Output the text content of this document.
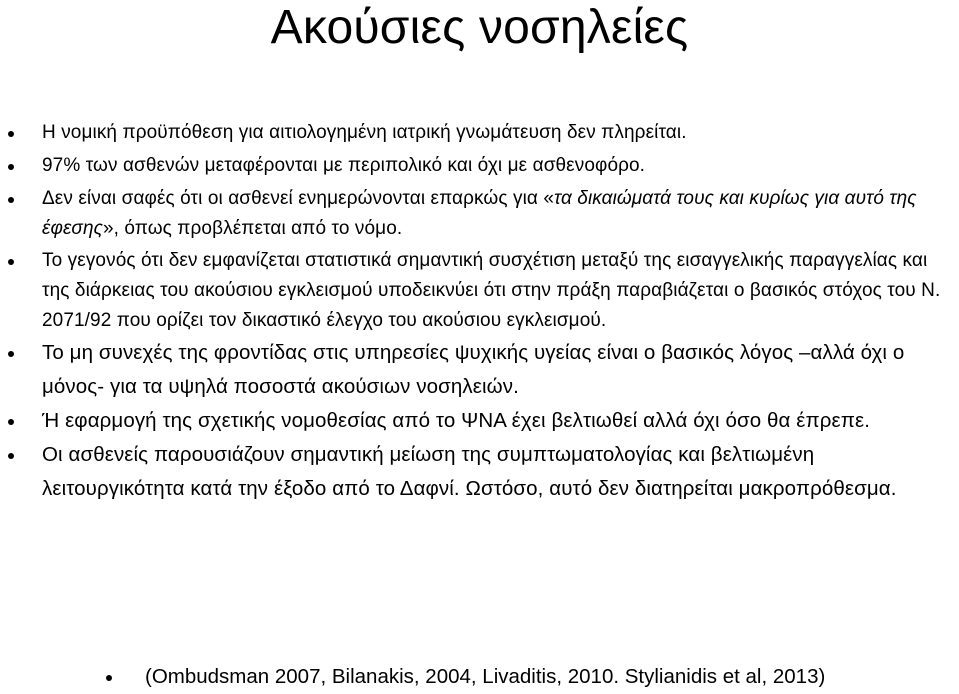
Ακούσιες νοσηλείες
Η νομική προϋπόθεση για αιτιολογημένη ιατρική γνωμάτευση δεν πληρείται.
97% των ασθενών μεταφέρονται με περιπολικό και όχι με ασθενοφόρο.
Δεν είναι σαφές ότι οι ασθενεί ενημερώνονται επαρκώς για «τα δικαιώματά τους και κυρίως για αυτό της έφεσης», όπως προβλέπεται από το νόμο.
Το γεγονός ότι δεν εμφανίζεται στατιστικά σημαντική συσχέτιση μεταξύ της εισαγγελικής παραγγελίας και της διάρκειας του ακούσιου εγκλεισμού υποδεικνύει ότι στην πράξη παραβιάζεται ο βασικός στόχος του Ν. 2071/92 που ορίζει τον δικαστικό έλεγχο του ακούσιου εγκλεισμού.
Το μη συνεχές της φροντίδας στις υπηρεσίες ψυχικής υγείας είναι ο βασικός λόγος –αλλά όχι ο μόνος- για τα υψηλά ποσοστά ακούσιων νοσηλειών.
Ή εφαρμογή της σχετικής νομοθεσίας από το ΨΝΑ έχει βελτιωθεί αλλά όχι όσο θα έπρεπε.
Οι ασθενείς παρουσιάζουν σημαντική μείωση της συμπτωματολογίας και βελτιωμένη λειτουργικότητα κατά την έξοδο από το Δαφνί. Ωστόσο, αυτό δεν διατηρείται μακροπρόθεσμα.
(Ombudsman 2007, Bilanakis, 2004, Livaditis, 2010. Stylianidis et al, 2013)
